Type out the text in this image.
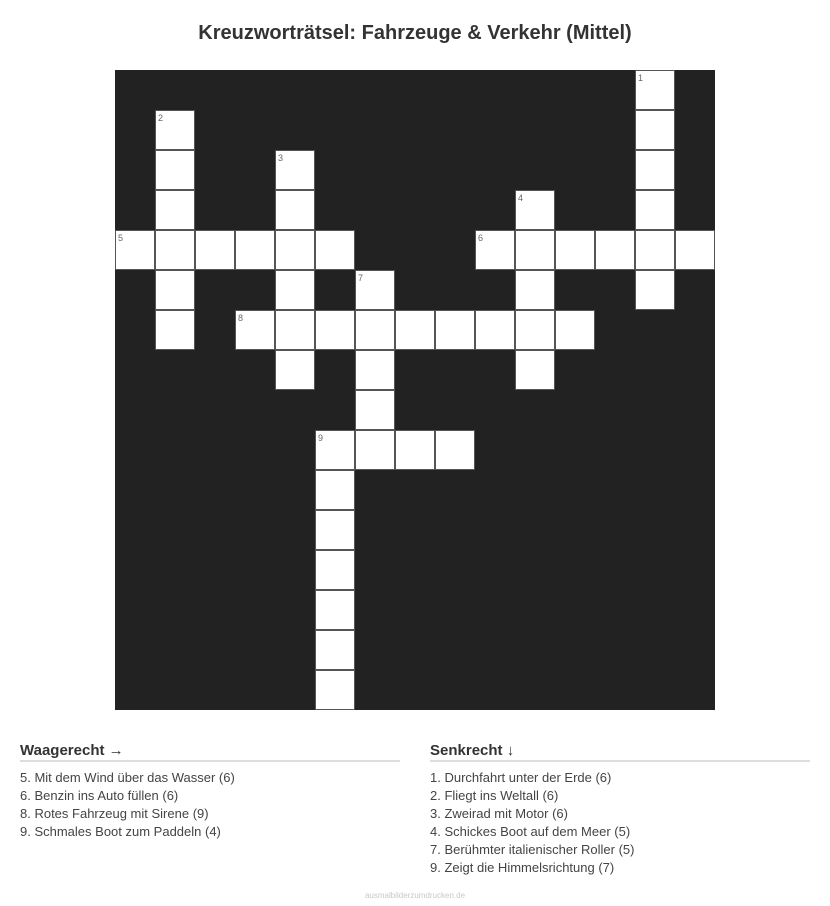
Kreuzworträtsel: Fahrzeuge & Verkehr (Mittel)
1
2
3
4
5	6
7
8
9
Waagerecht →
5. Mit dem Wind über das Wasser (6)
6. Benzin ins Auto füllen (6)
8. Rotes Fahrzeug mit Sirene (9)
9. Schmales Boot zum Paddeln (4)
Senkrecht ↓
1. Durchfahrt unter der Erde (6)
2. Fliegt ins Weltall (6)
3. Zweirad mit Motor (6)
4. Schickes Boot auf dem Meer (5)
7. Berühmter italienischer Roller (5)
9. Zeigt die Himmelsrichtung (7)
ausmalbilderzumdrucken.de
